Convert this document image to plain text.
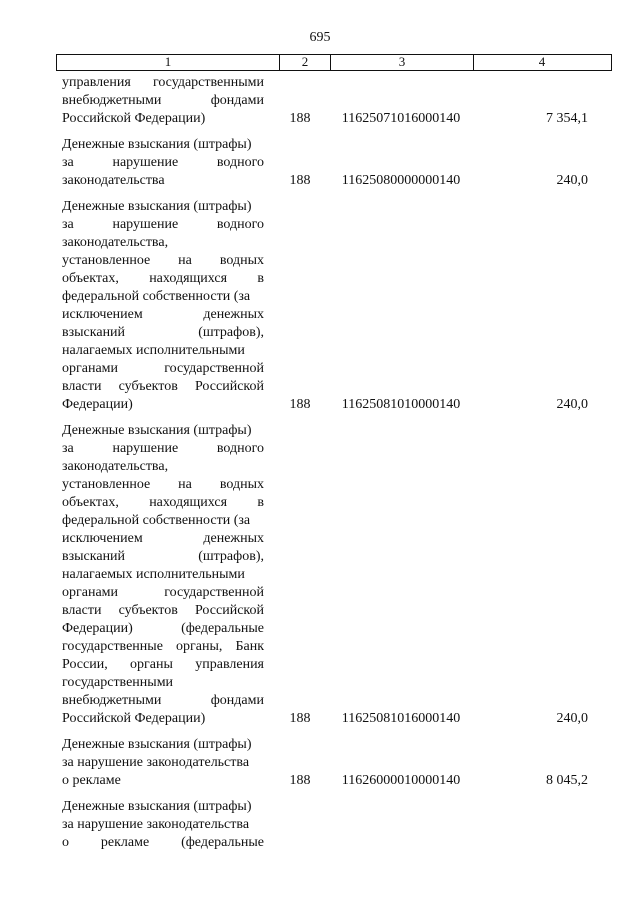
695
1	2	3	4
управления государственными
внебюджетными фондами
Российской Федерации)	188	11625071016000140	7 354,1
Денежные взыскания (штрафы)
за нарушение водного
законодательства	188	11625080000000140	240,0
Денежные взыскания (штрафы)
за нарушение водного
законодательства,
установленное на водных
объектах, находящихся в
федеральной собственности (за
исключением денежных
взысканий (штрафов),
налагаемых исполнительными
органами государственной
власти субъектов Российской
Федерации)	188	11625081010000140	240,0
Денежные взыскания (штрафы)
за нарушение водного
законодательства,
установленное на водных
объектах, находящихся в
федеральной собственности (за
исключением денежных
взысканий (штрафов),
налагаемых исполнительными
органами государственной
власти субъектов Российской
Федерации) (федеральные
государственные органы, Банк
России, органы управления
государственными
внебюджетными фондами
Российской Федерации)	188	11625081016000140	240,0
Денежные взыскания (штрафы)
за нарушение законодательства
о рекламе	188	11626000010000140	8 045,2
Денежные взыскания (штрафы)
за нарушение законодательства
о рекламе (федеральные
